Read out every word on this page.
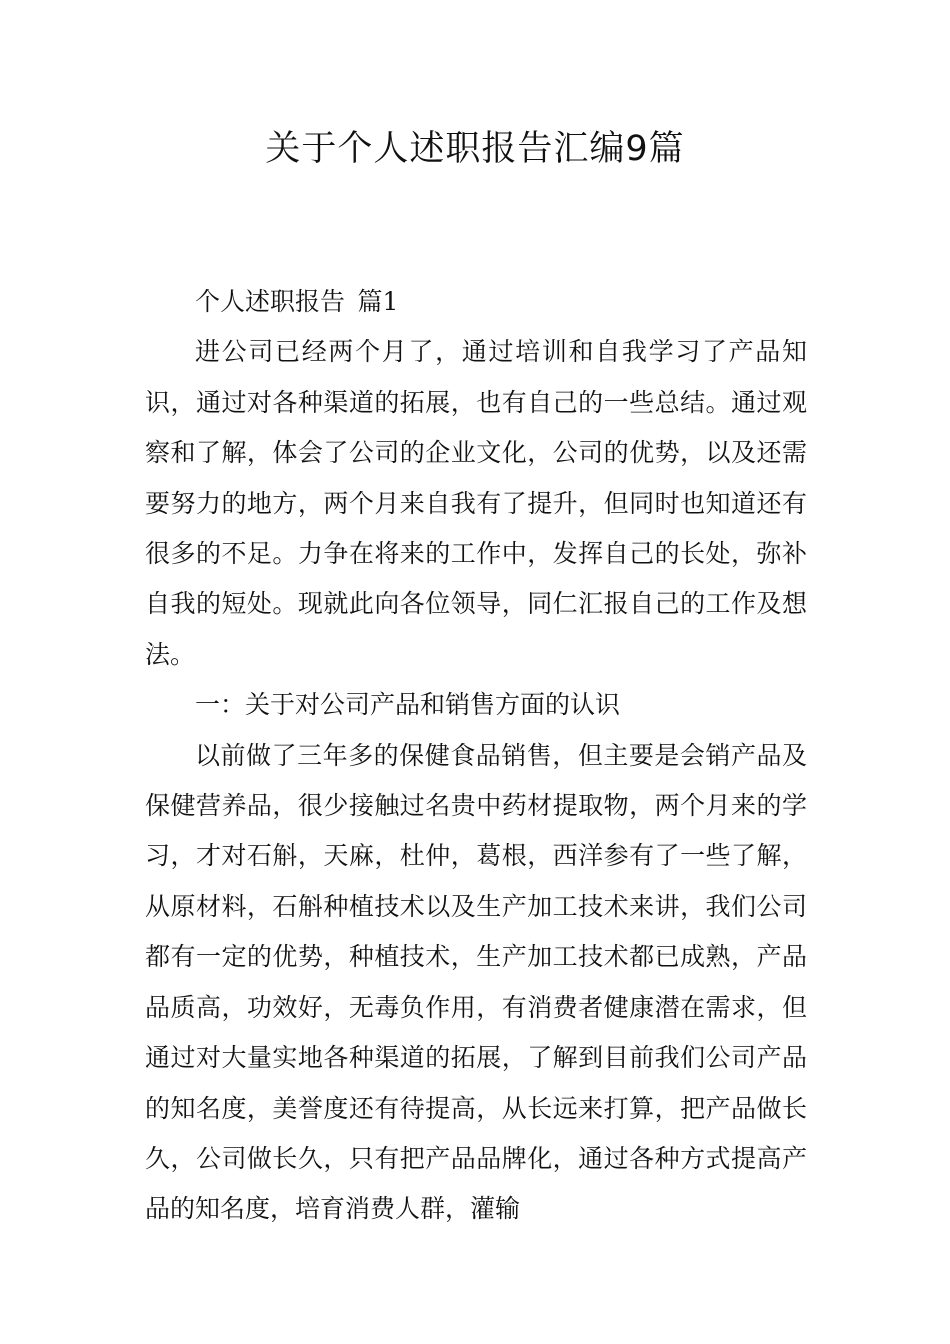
关于个人述职报告汇编9篇

个人述职报告 篇1

进公司已经两个月了，通过培训和自我学习了产品知识，通过对各种渠道的拓展，也有自己的一些总结。通过观察和了解，体会了公司的企业文化，公司的优势，以及还需要努力的地方，两个月来自我有了提升，但同时也知道还有很多的不足。力争在将来的工作中，发挥自己的长处，弥补自我的短处。现就此向各位领导，同仁汇报自己的工作及想法。

一：关于对公司产品和销售方面的认识

以前做了三年多的保健食品销售，但主要是会销产品及保健营养品，很少接触过名贵中药材提取物，两个月来的学习，才对石斛，天麻，杜仲，葛根，西洋参有了一些了解，从原材料，石斛种植技术以及生产加工技术来讲，我们公司都有一定的优势，种植技术，生产加工技术都已成熟，产品品质高，功效好，无毒负作用，有消费者健康潜在需求，但通过对大量实地各种渠道的拓展，了解到目前我们公司产品的知名度，美誉度还有待提高，从长远来打算，把产品做长久，公司做长久，只有把产品品牌化，通过各种方式提高产品的知名度，培育消费人群，灌输
